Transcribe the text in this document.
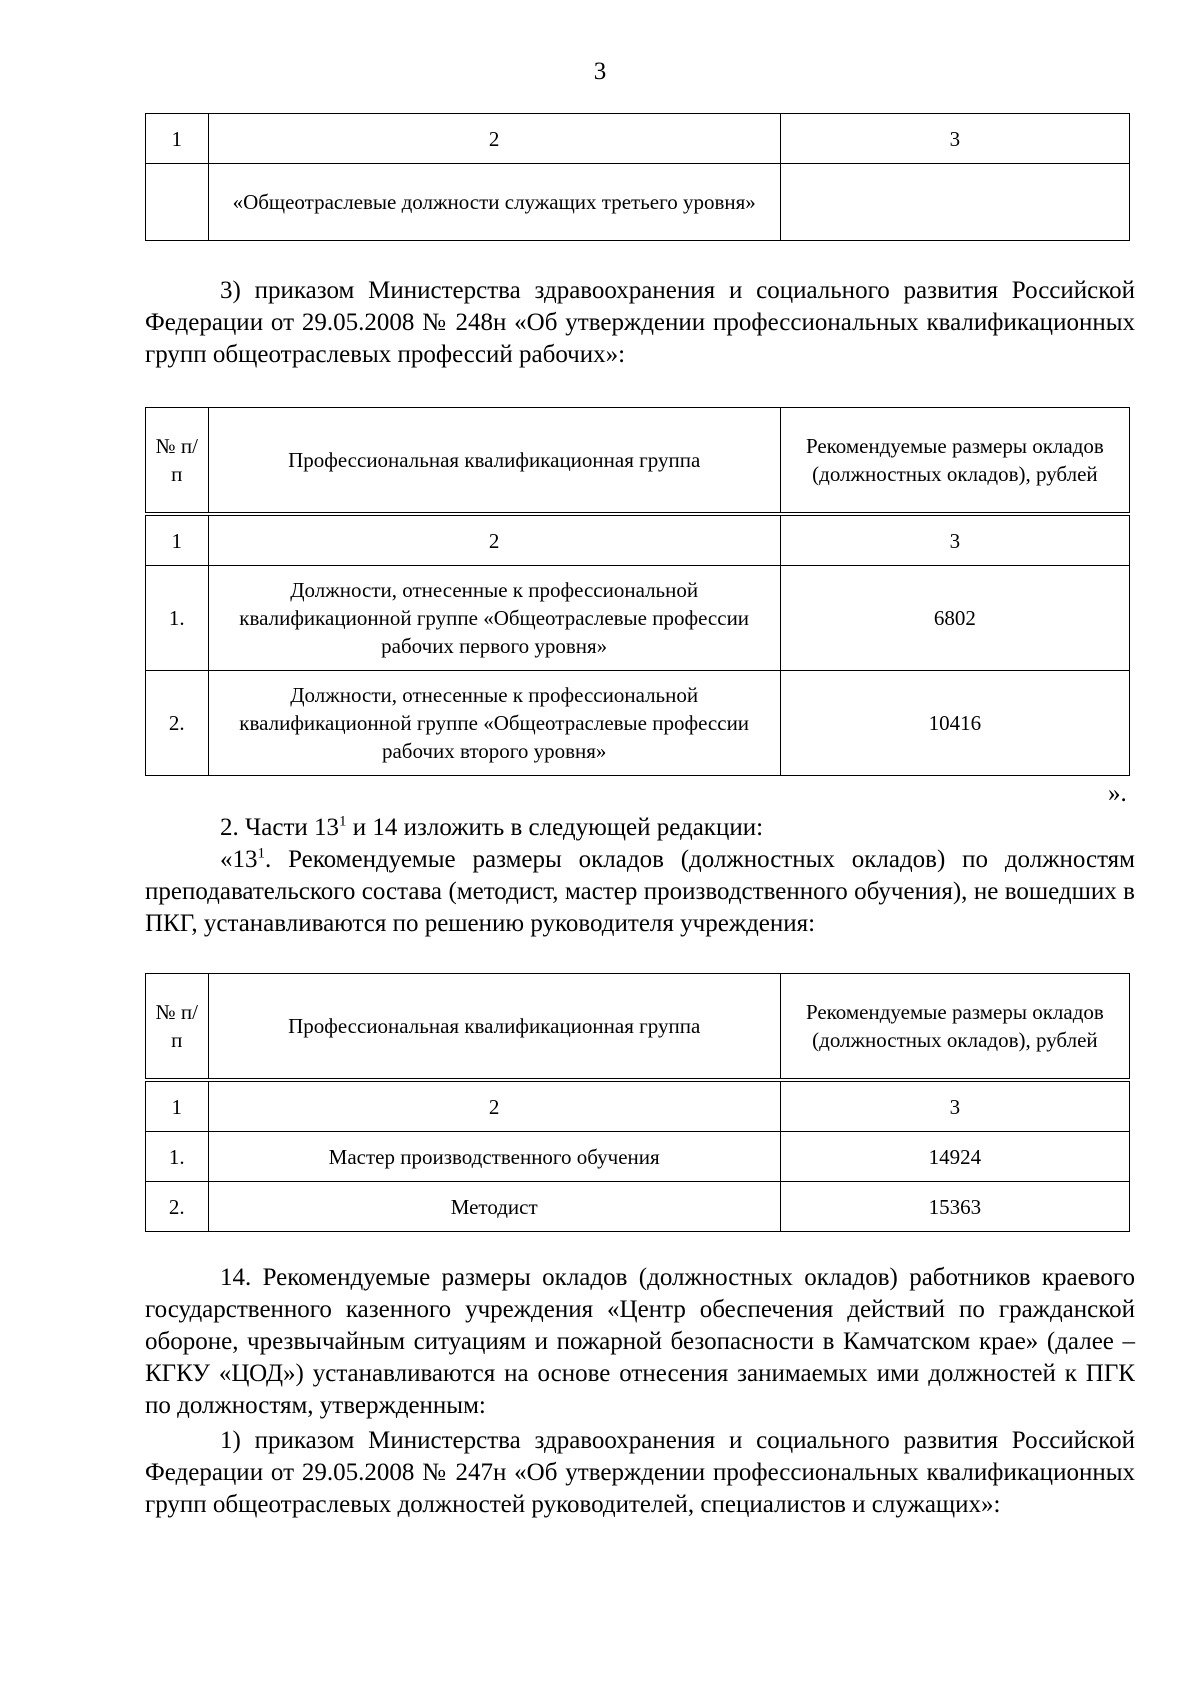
3
1	2	3
	«Общеотраслевые должности служащих третьего уровня»	
3) приказом Министерства здравоохранения и социального развития Российской Федерации от 29.05.2008 № 248н «Об утверждении профессиональных квалификационных групп общеотраслевых профессий рабочих»:
№ п/п	Профессиональная квалификационная группа	Рекомендуемые размеры окладов (должностных окладов), рублей
1	2	3
1.	Должности, отнесенные к профессиональной квалификационной группе «Общеотраслевые профессии рабочих первого уровня»	6802
2.	Должности, отнесенные к профессиональной квалификационной группе «Общеотраслевые профессии рабочих второго уровня»	10416
».
2. Части $13^1$ и 14 изложить в следующей редакции:
«$13^1$. Рекомендуемые размеры окладов (должностных окладов) по должностям преподавательского состава (методист, мастер производственного обучения), не вошедших в ПКГ, устанавливаются по решению руководителя учреждения:
№ п/п	Профессиональная квалификационная группа	Рекомендуемые размеры окладов (должностных окладов), рублей
1	2	3
1.	Мастер производственного обучения	14924
2.	Методист	15363
14. Рекомендуемые размеры окладов (должностных окладов) работников краевого государственного казенного учреждения «Центр обеспечения действий по гражданской обороне, чрезвычайным ситуациям и пожарной безопасности в Камчатском крае» (далее – КГКУ «ЦОД») устанавливаются на основе отнесения занимаемых ими должностей к ПГК по должностям, утвержденным:
1) приказом Министерства здравоохранения и социального развития Российской Федерации от 29.05.2008 № 247н «Об утверждении профессиональных квалификационных групп общеотраслевых должностей руководителей, специалистов и служащих»:
